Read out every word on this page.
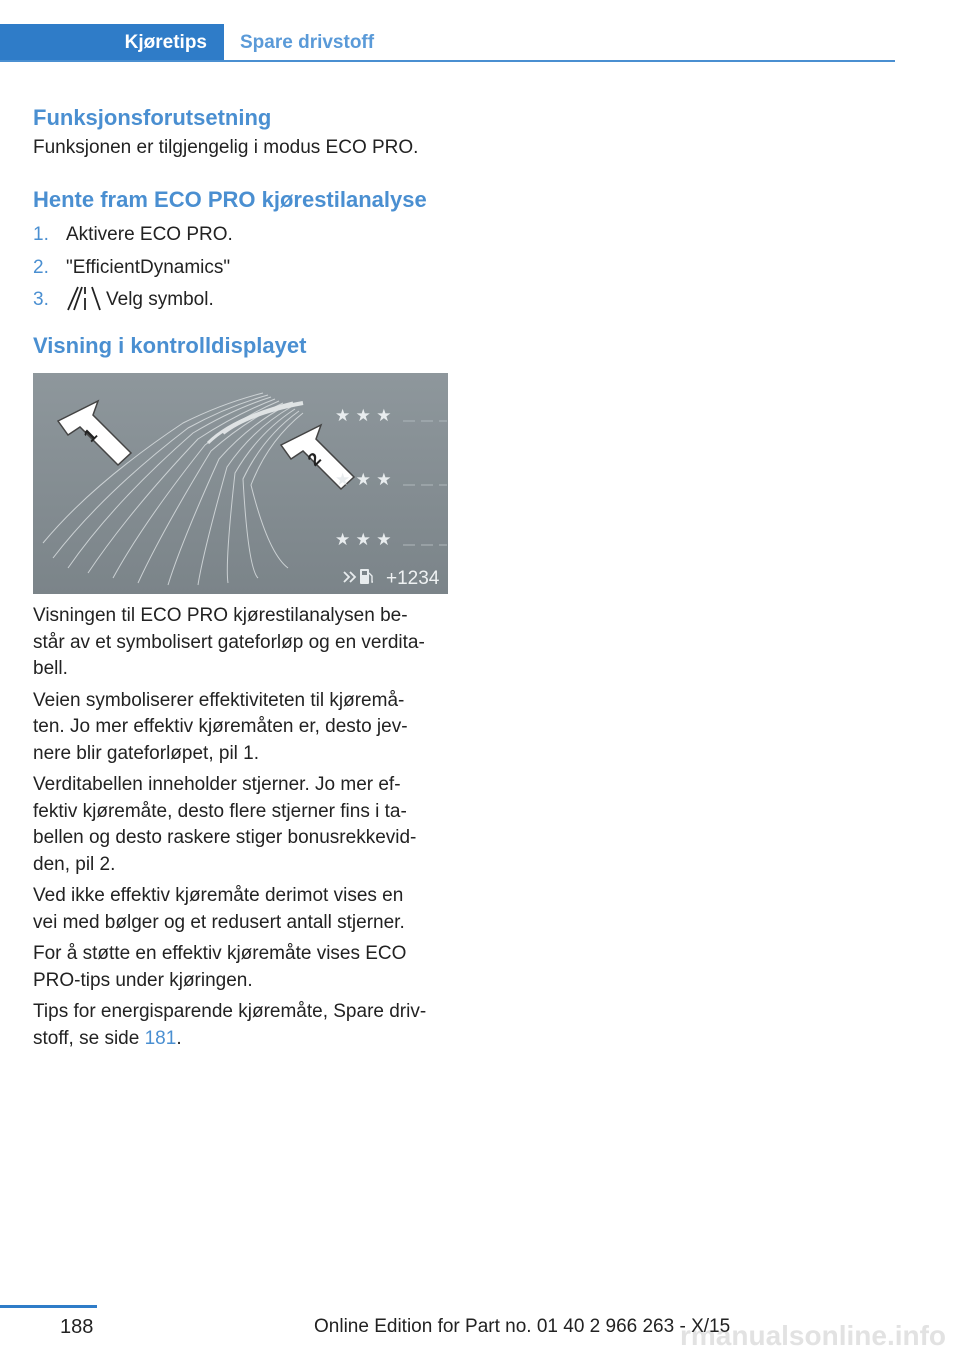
Kjøretips	Spare drivstoff
Funksjonsforutsetning

Funksjonen er tilgjengelig i modus ECO PRO.

Hente fram ECO PRO kjørestilanalyse
1. Aktivere ECO PRO.
2. "EfficientDynamics"
3.	Velg symbol.
Visning i kontrolldisplayet
1
2
★ ★ ★
★ ★ ★
★ ★ ★
+1234

Visningen til ECO PRO kjørestilanalysen be-
står av et symbolisert gateforløp og en verdita-
bell.

Veien symboliserer effektiviteten til kjøremå-
ten. Jo mer effektiv kjøremåten er, desto jev-
nere blir gateforløpet, pil 1.

Verditabellen inneholder stjerner. Jo mer ef-
fektiv kjøremåte, desto flere stjerner fins i ta-
bellen og desto raskere stiger bonusrekkevid-
den, pil 2.

Ved ikke effektiv kjøremåte derimot vises en
vei med bølger og et redusert antall stjerner.

For å støtte en effektiv kjøremåte vises ECO
PRO-tips under kjøringen.

Tips for energisparende kjøremåte, Spare driv-
stoff, se side 181.

188	rmanualsonline.info
Online Edition for Part no. 01 40 2 966 263 - X/15
